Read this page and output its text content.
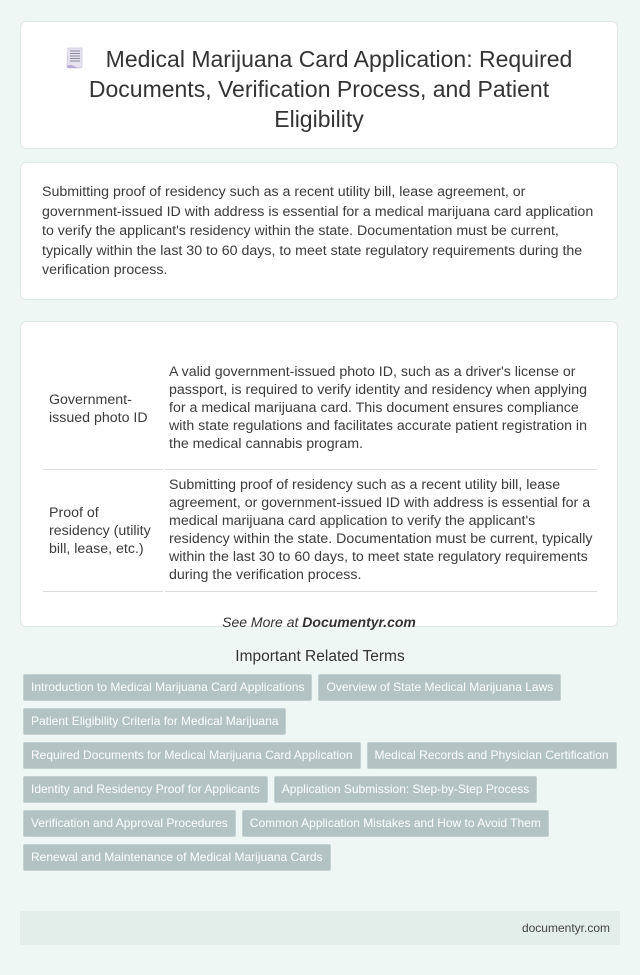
Medical Marijuana Card Application: Required Documents, Verification Process, and Patient Eligibility

Submitting proof of residency such as a recent utility bill, lease agreement, or government-issued ID with address is essential for a medical marijuana card application to verify the applicant's residency within the state. Documentation must be current, typically within the last 30 to 60 days, to meet state regulatory requirements during the verification process.

Government-issued photo ID	A valid government-issued photo ID, such as a driver's license or passport, is required to verify identity and residency when applying for a medical marijuana card. This document ensures compliance with state regulations and facilitates accurate patient registration in the medical cannabis program.
Proof of residency (utility bill, lease, etc.)	Submitting proof of residency such as a recent utility bill, lease agreement, or government-issued ID with address is essential for a medical marijuana card application to verify the applicant's residency within the state. Documentation must be current, typically within the last 30 to 60 days, to meet state regulatory requirements during the verification process.
See More at Documentyr.com
Important Related Terms
Introduction to Medical Marijuana Card Applications	Overview of State Medical Marijuana Laws
Patient Eligibility Criteria for Medical Marijuana
Required Documents for Medical Marijuana Card Application	Medical Records and Physician Certification
Identity and Residency Proof for Applicants	Application Submission: Step-by-Step Process
Verification and Approval Procedures	Common Application Mistakes and How to Avoid Them
Renewal and Maintenance of Medical Marijuana Cards
documentyr.com
